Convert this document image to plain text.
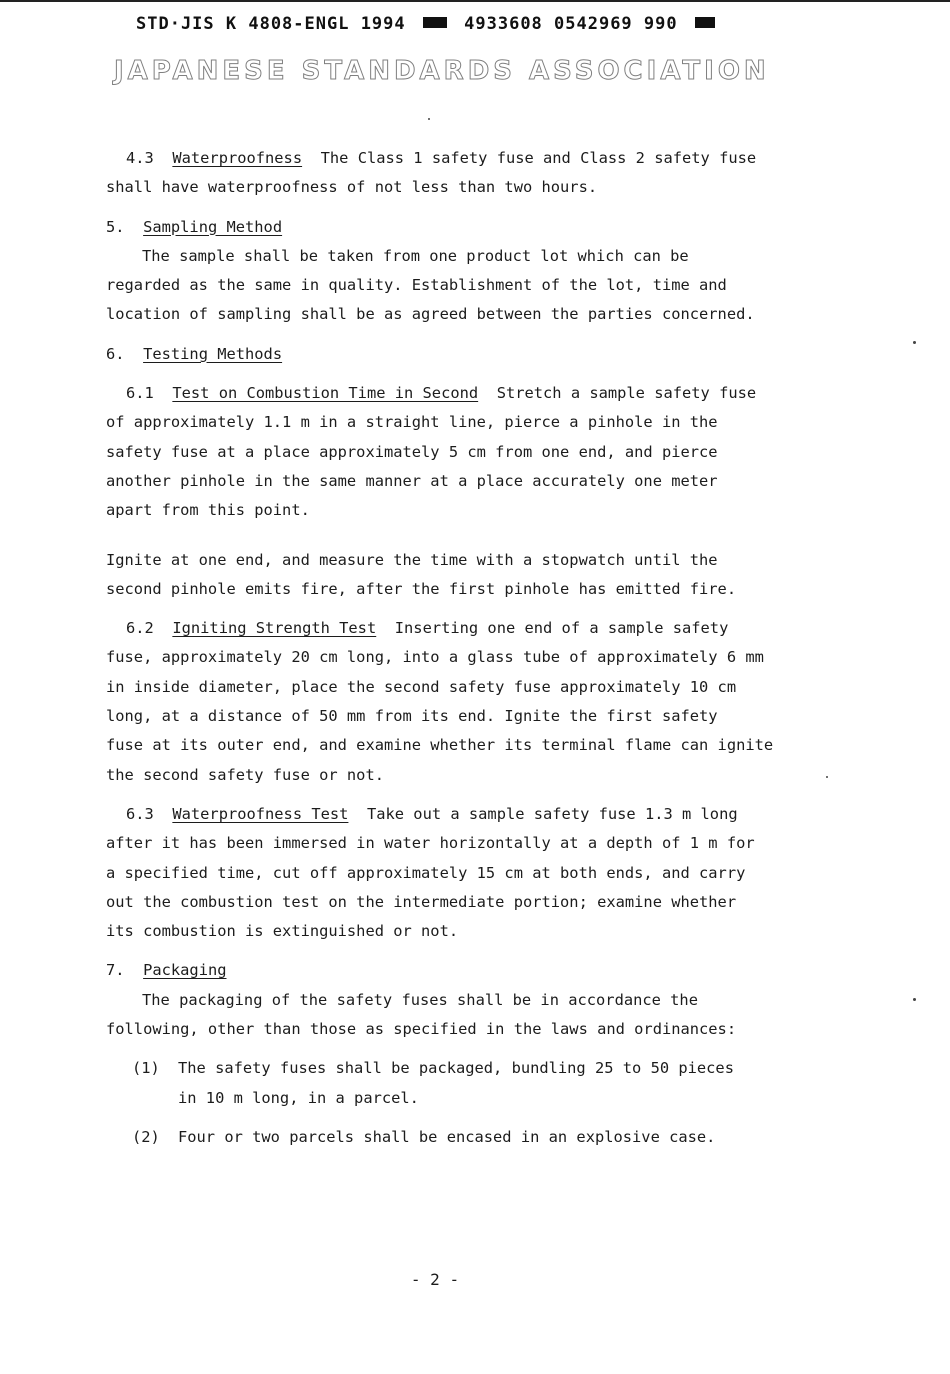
STD·JIS K 4808-ENGL 1994	4933608 0542969 990
JAPANESE STANDARDS ASSOCIATION

4.3 Waterproofness The Class 1 safety fuse and Class 2 safety fuse
shall have waterproofness of not less than two hours.

5. Sampling Method
The sample shall be taken from one product lot which can be
regarded as the same in quality. Establishment of the lot, time and
location of sampling shall be as agreed between the parties concerned.

6. Testing Methods

6.1 Test on Combustion Time in Second Stretch a sample safety fuse
of approximately 1.1 m in a straight line, pierce a pinhole in the
safety fuse at a place approximately 5 cm from one end, and pierce
another pinhole in the same manner at a place accurately one meter
apart from this point.

Ignite at one end, and measure the time with a stopwatch until the
second pinhole emits fire, after the first pinhole has emitted fire.

6.2 Igniting Strength Test Inserting one end of a sample safety
fuse, approximately 20 cm long, into a glass tube of approximately 6 mm
in inside diameter, place the second safety fuse approximately 10 cm
long, at a distance of 50 mm from its end. Ignite the first safety
fuse at its outer end, and examine whether its terminal flame can ignite
the second safety fuse or not.

6.3 Waterproofness Test Take out a sample safety fuse 1.3 m long
after it has been immersed in water horizontally at a depth of 1 m for
a specified time, cut off approximately 15 cm at both ends, and carry
out the combustion test on the intermediate portion; examine whether
its combustion is extinguished or not.

7. Packaging
The packaging of the safety fuses shall be in accordance the
following, other than those as specified in the laws and ordinances:

(1)	The safety fuses shall be packaged, bundling 25 to 50 pieces
in 10 m long, in a parcel.
(2)	Four or two parcels shall be encased in an explosive case.
- 2 -
